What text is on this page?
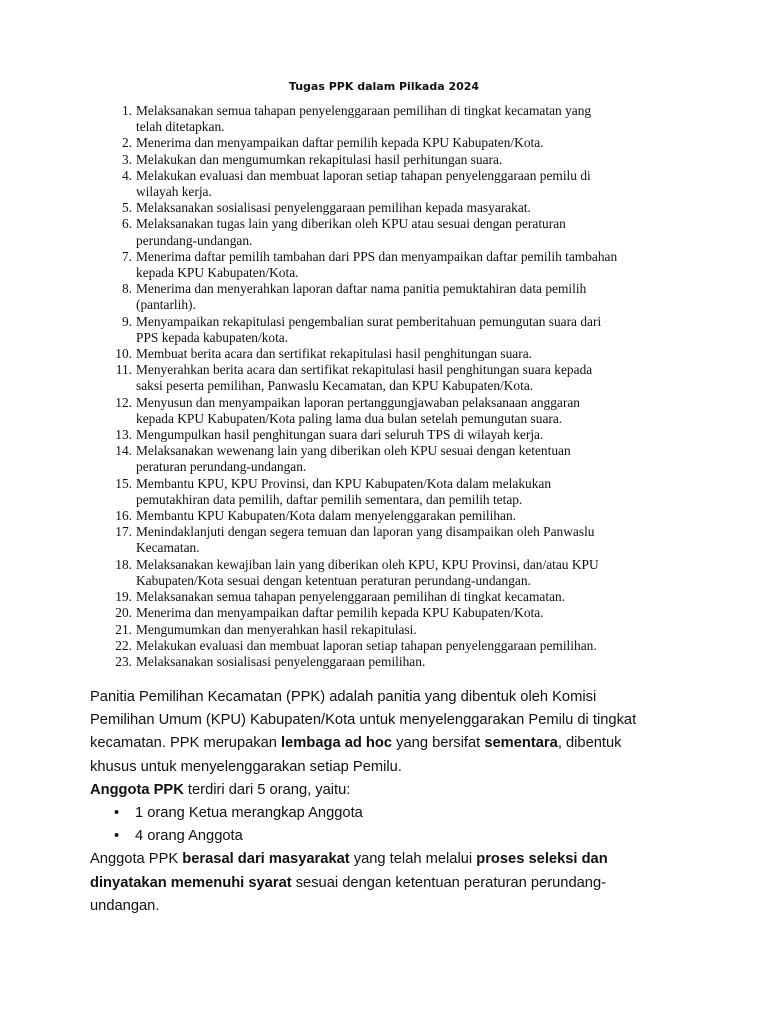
Tugas PPK dalam Pilkada 2024
1. Melaksanakan semua tahapan penyelenggaraan pemilihan di tingkat kecamatan yang
telah ditetapkan.
2. Menerima dan menyampaikan daftar pemilih kepada KPU Kabupaten/Kota.
3. Melakukan dan mengumumkan rekapitulasi hasil perhitungan suara.
4. Melakukan evaluasi dan membuat laporan setiap tahapan penyelenggaraan pemilu di
wilayah kerja.
5. Melaksanakan sosialisasi penyelenggaraan pemilihan kepada masyarakat.
6. Melaksanakan tugas lain yang diberikan oleh KPU atau sesuai dengan peraturan
perundang-undangan.
7. Menerima daftar pemilih tambahan dari PPS dan menyampaikan daftar pemilih tambahan
kepada KPU Kabupaten/Kota.
8. Menerima dan menyerahkan laporan daftar nama panitia pemuktahiran data pemilih
(pantarlih).
9. Menyampaikan rekapitulasi pengembalian surat pemberitahuan pemungutan suara dari
PPS kepada kabupaten/kota.
10. Membuat berita acara dan sertifikat rekapitulasi hasil penghitungan suara.
11. Menyerahkan berita acara dan sertifikat rekapitulasi hasil penghitungan suara kepada
saksi peserta pemilihan, Panwaslu Kecamatan, dan KPU Kabupaten/Kota.
12. Menyusun dan menyampaikan laporan pertanggungjawaban pelaksanaan anggaran
kepada KPU Kabupaten/Kota paling lama dua bulan setelah pemungutan suara.
13. Mengumpulkan hasil penghitungan suara dari seluruh TPS di wilayah kerja.
14. Melaksanakan wewenang lain yang diberikan oleh KPU sesuai dengan ketentuan
peraturan perundang-undangan.
15. Membantu KPU, KPU Provinsi, dan KPU Kabupaten/Kota dalam melakukan
pemutakhiran data pemilih, daftar pemilih sementara, dan pemilih tetap.
16. Membantu KPU Kabupaten/Kota dalam menyelenggarakan pemilihan.
17. Menindaklanjuti dengan segera temuan dan laporan yang disampaikan oleh Panwaslu
Kecamatan.
18. Melaksanakan kewajiban lain yang diberikan oleh KPU, KPU Provinsi, dan/atau KPU
Kabupaten/Kota sesuai dengan ketentuan peraturan perundang-undangan.
19. Melaksanakan semua tahapan penyelenggaraan pemilihan di tingkat kecamatan.
20. Menerima dan menyampaikan daftar pemilih kepada KPU Kabupaten/Kota.
21. Mengumumkan dan menyerahkan hasil rekapitulasi.
22. Melakukan evaluasi dan membuat laporan setiap tahapan penyelenggaraan pemilihan.
23. Melaksanakan sosialisasi penyelenggaraan pemilihan.

Panitia Pemilihan Kecamatan (PPK) adalah panitia yang dibentuk oleh Komisi
Pemilihan Umum (KPU) Kabupaten/Kota untuk menyelenggarakan Pemilu di tingkat
kecamatan. PPK merupakan lembaga ad hoc yang bersifat sementara, dibentuk
khusus untuk menyelenggarakan setiap Pemilu.

Anggota PPK terdiri dari 5 orang, yaitu:

• 1 orang Ketua merangkap Anggota
• 4 orang Anggota

Anggota PPK berasal dari masyarakat yang telah melalui proses seleksi dan
dinyatakan memenuhi syarat sesuai dengan ketentuan peraturan perundang-
undangan.
